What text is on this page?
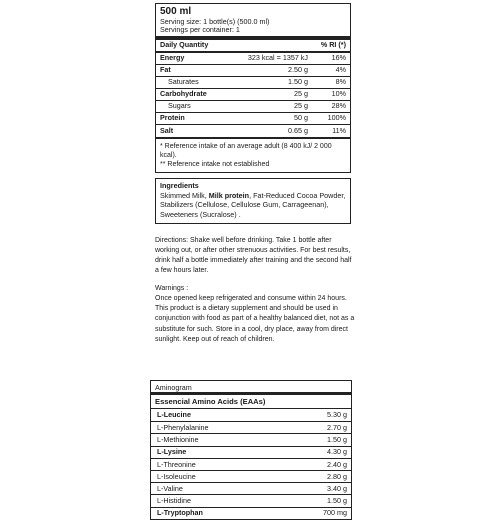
500 ml
Serving size: 1 bottle(s) (500.0 ml)
Servings per container: 1
Daily Quantity	% RI (*)
Energy	323 kcal = 1357 kJ	16%
Fat	2.50 g	4%
Saturates	1.50 g	8%
Carbohydrate	25 g	10%
Sugars	25 g	28%
Protein	50 g	100%
Salt	0.65 g	11%
* Reference intake of an average adult (8 400 kJ/ 2 000 kcal).
** Reference intake not established
Ingredients
Skimmed Milk, Milk protein, Fat-Reduced Cocoa Powder, Stabilizers (Cellulose, Cellulose Gum, Carrageenan), Sweeteners (Sucralose) .
Directions: Shake well before drinking. Take 1 bottle after working out, or after other strenuous activities. For best results, drink half a bottle immediately after training and the second half a few hours later.
Warnings :
Once opened keep refrigerated and consume within 24 hours. This product is a dietary supplement and should be used in conjunction with food as part of a healthy balanced diet, not as a substitute for such. Store in a cool, dry place, away from direct sunlight. Keep out of reach of children.
Aminogram
Essencial Amino Acids (EAAs)
L-Leucine	5.30 g
L-Phenylalanine	2.70 g
L-Methionine	1.50 g
L-Lysine	4.30 g
L-Threonine	2.40 g
L-Isoleucine	2.80 g
L-Valine	3.40 g
L-Histidine	1.50 g
L-Tryptophan	700 mg
